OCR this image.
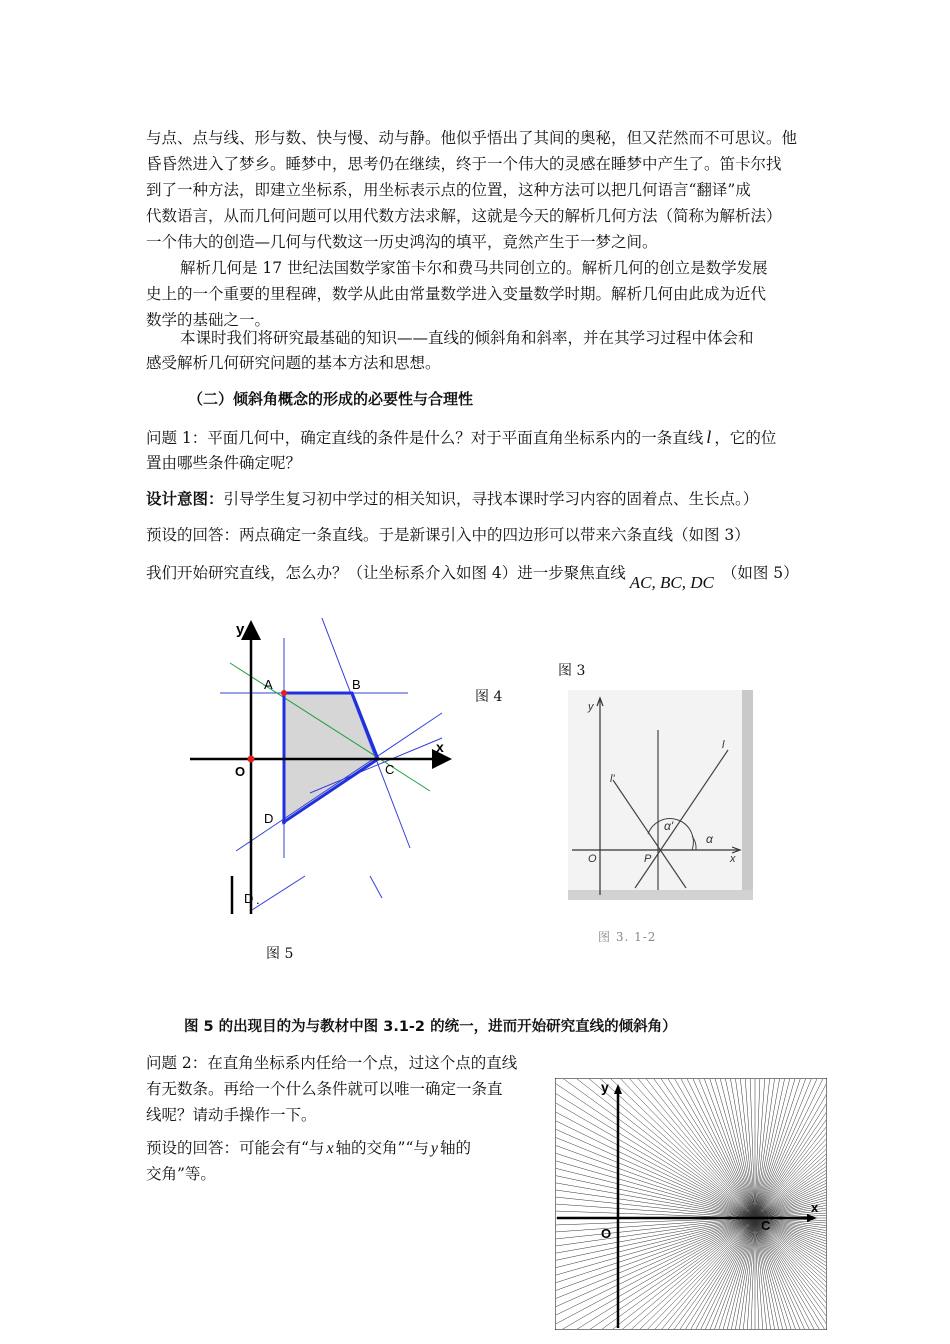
与点、点与线、形与数、快与慢、动与静。他似乎悟出了其间的奥秘，但又茫然而不可思议。他

昏昏然进入了梦乡。睡梦中，思考仍在继续，终于一个伟大的灵感在睡梦中产生了。笛卡尔找

到了一种方法，即建立坐标系，用坐标表示点的位置，这种方法可以把几何语言“翻译”成

代数语言，从而几何问题可以用代数方法求解，这就是今天的解析几何方法（简称为解析法）

一个伟大的创造—几何与代数这一历史鸿沟的填平，竟然产生于一梦之间。

解析几何是 17 世纪法国数学家笛卡尔和费马共同创立的。解析几何的创立是数学发展

史上的一个重要的里程碑，数学从此由常量数学进入变量数学时期。解析几何由此成为近代

数学的基础之一。

本课时我们将研究最基础的知识——直线的倾斜角和斜率，并在其学习过程中体会和

感受解析几何研究问题的基本方法和思想。

（二）倾斜角概念的形成的必要性与合理性

问题 1：平面几何中，确定直线的条件是什么？对于平面直角坐标系内的一条直线 l ，它的位

置由哪些条件确定呢？

设计意图：引导学生复习初中学过的相关知识，寻找本课时学习内容的固着点、生长点。）

预设的回答：两点确定一条直线。于是新课引入中的四边形可以带来六条直线（如图 3）

我们开始研究直线，怎么办？（让坐标系介入如图 4）进一步聚焦直线 AC, BC, DC （如图 5）

y
x
O
A	B
C
D
D .
图 5
图 3
图 4
y
x
O	P
l
l'
α
α'
图 3. 1-2

图 5 的出现目的为与教材中图 3.1-2 的统一，进而开始研究直线的倾斜角）

问题 2：在直角坐标系内任给一个点，过这个点的直线

有无数条。再给一个什么条件就可以唯一确定一条直

线呢？请动手操作一下。

预设的回答：可能会有“与 x 轴的交角”“与 y 轴的

交角”等。

y
x
O
C
